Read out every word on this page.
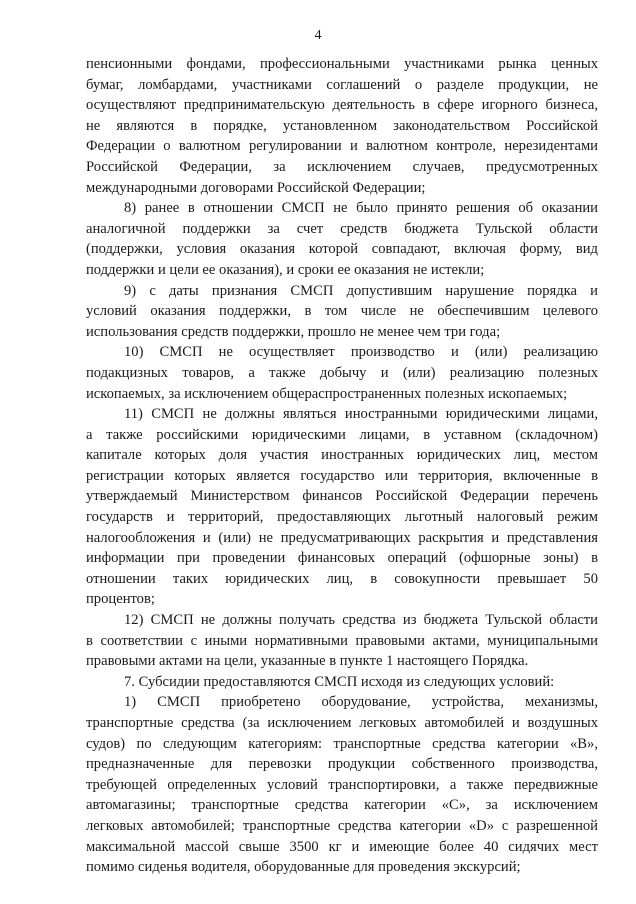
4
пенсионными фондами, профессиональными участниками рынка ценных
бумаг, ломбардами, участниками соглашений о разделе продукции, не
осуществляют предпринимательскую деятельность в сфере игорного бизнеса,
не являются в порядке, установленном законодательством Российской
Федерации о валютном регулировании и валютном контроле, нерезидентами
Российской Федерации, за исключением случаев, предусмотренных
международными договорами Российской Федерации;
8) ранее в отношении СМСП не было принято решения об оказании
аналогичной поддержки за счет средств бюджета Тульской области
(поддержки, условия оказания которой совпадают, включая форму, вид
поддержки и цели ее оказания), и сроки ее оказания не истекли;
9) с даты признания СМСП допустившим нарушение порядка и
условий оказания поддержки, в том числе не обеспечившим целевого
использования средств поддержки, прошло не менее чем три года;
10) СМСП не осуществляет производство и (или) реализацию
подакцизных товаров, а также добычу и (или) реализацию полезных
ископаемых, за исключением общераспространенных полезных ископаемых;
11) СМСП не должны являться иностранными юридическими лицами,
а также российскими юридическими лицами, в уставном (складочном)
капитале которых доля участия иностранных юридических лиц, местом
регистрации которых является государство или территория, включенные в
утверждаемый Министерством финансов Российской Федерации перечень
государств и территорий, предоставляющих льготный налоговый режим
налогообложения и (или) не предусматривающих раскрытия и представления
информации при проведении финансовых операций (офшорные зоны) в
отношении таких юридических лиц, в совокупности превышает 50
процентов;
12) СМСП не должны получать средства из бюджета Тульской области
в соответствии с иными нормативными правовыми актами, муниципальными
правовыми актами на цели, указанные в пункте 1 настоящего Порядка.
7. Субсидии предоставляются СМСП исходя из следующих условий:
1) СМСП приобретено оборудование, устройства, механизмы,
транспортные средства (за исключением легковых автомобилей и воздушных
судов) по следующим категориям: транспортные средства категории «В»,
предназначенные для перевозки продукции собственного производства,
требующей определенных условий транспортировки, а также передвижные
автомагазины; транспортные средства категории «С», за исключением
легковых автомобилей; транспортные средства категории «D» с разрешенной
максимальной массой свыше 3500 кг и имеющие более 40 сидячих мест
помимо сиденья водителя, оборудованные для проведения экскурсий;
